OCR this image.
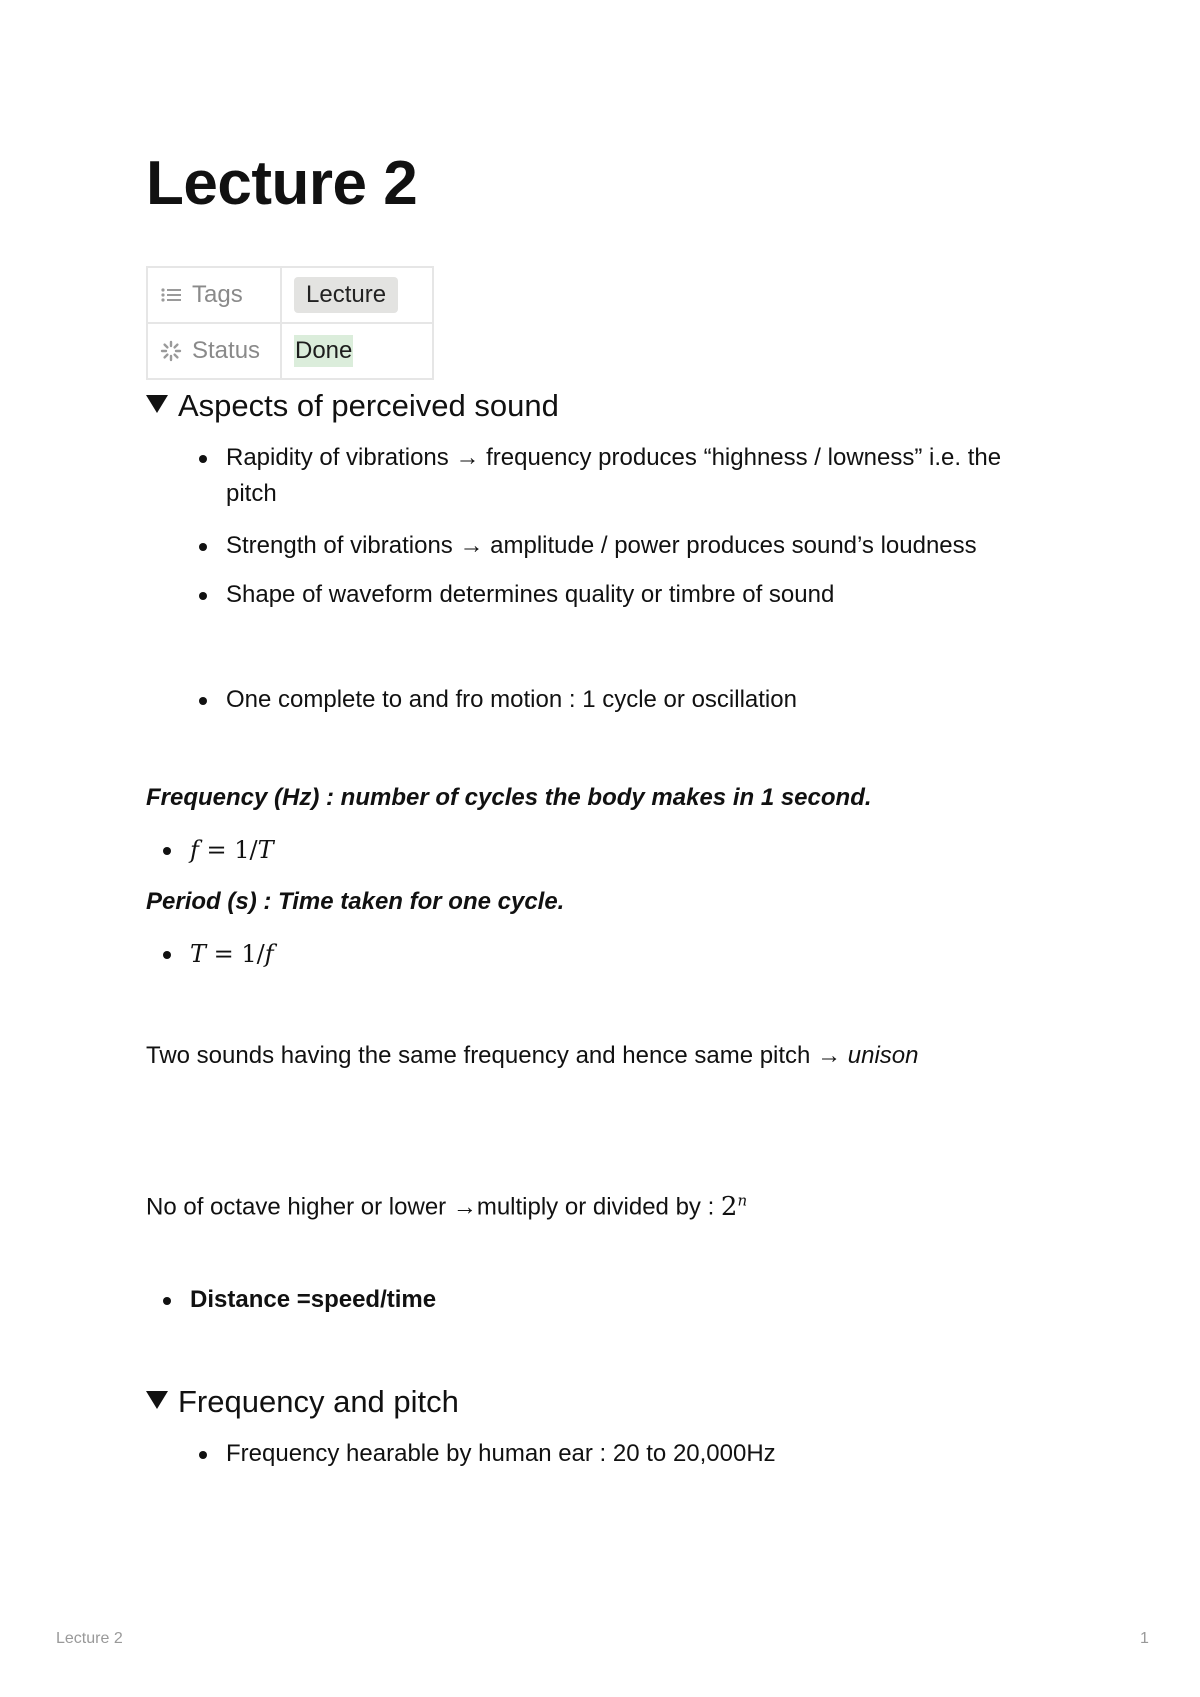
Lecture 2
Tags	Lecture
Status	Done
Aspects of perceived sound
Rapidity of vibrations → frequency produces “highness / lowness” i.e. the pitch
Strength of vibrations → amplitude / power produces sound’s loudness
Shape of waveform determines quality or timbre of sound
One complete to and fro motion : 1 cycle or oscillation

Frequency (Hz) : number of cycles the body makes in 1 second.

f = 1/T

Period (s) : Time taken for one cycle.

T = 1/f

Two sounds having the same frequency and hence same pitch → unison

No of octave higher or lower →multiply or divided by : 2$^n$

Distance =speed/time
Frequency and pitch
Frequency hearable by human ear : 20 to 20,000Hz
Lecture 2	1
